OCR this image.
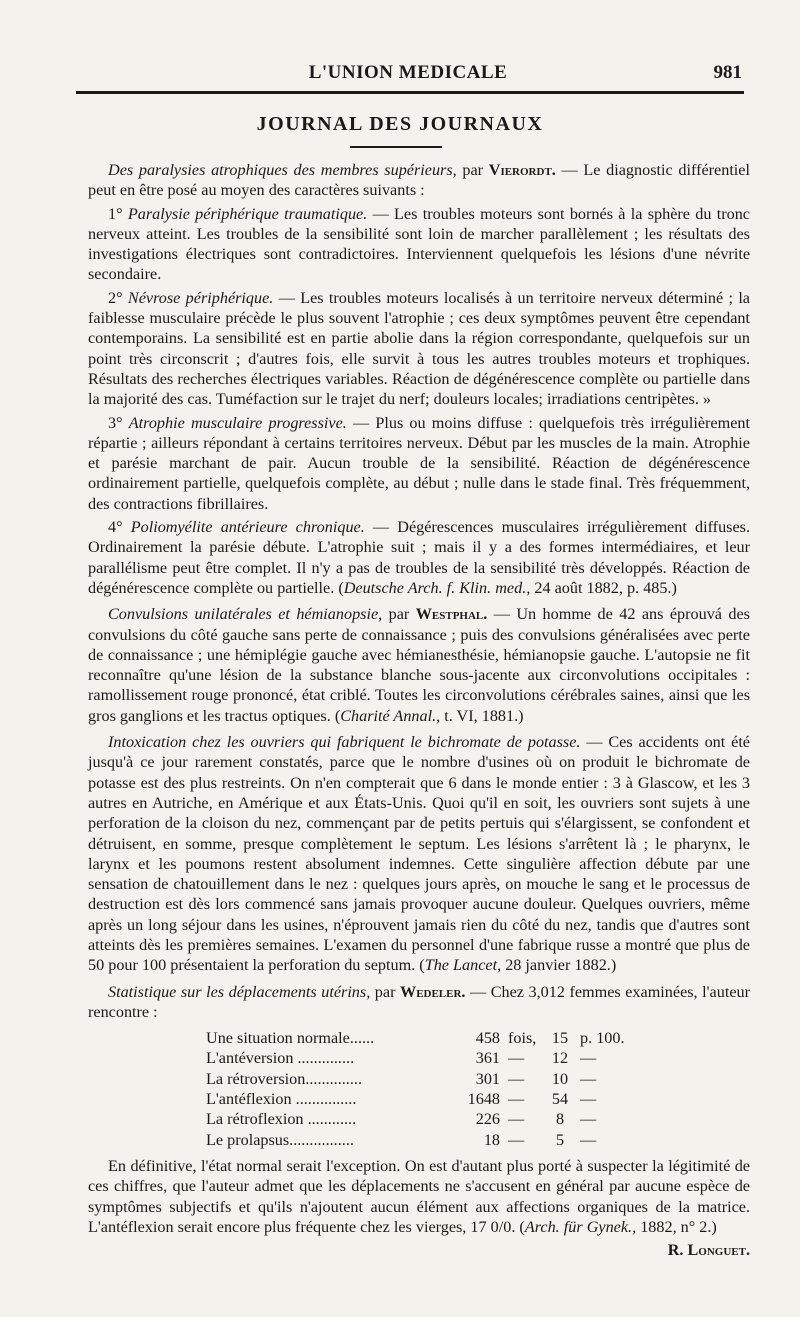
L'UNION MEDICALE	981
JOURNAL DES JOURNAUX

Des paralysies atrophiques des membres supérieurs, par Vierordt. — Le diagnostic différentiel peut en être posé au moyen des caractères suivants :

1° Paralysie périphérique traumatique. — Les troubles moteurs sont bornés à la sphère du tronc nerveux atteint. Les troubles de la sensibilité sont loin de marcher parallèlement ; les résultats des investigations électriques sont contradictoires. Interviennent quelquefois les lésions d'une névrite secondaire.

2° Névrose périphérique. — Les troubles moteurs localisés à un territoire nerveux déterminé ; la faiblesse musculaire précède le plus souvent l'atrophie ; ces deux symptômes peuvent être cependant contemporains. La sensibilité est en partie abolie dans la région correspondante, quelquefois sur un point très circonscrit ; d'autres fois, elle survit à tous les autres troubles moteurs et trophiques. Résultats des recherches électriques variables. Réaction de dégénérescence complète ou partielle dans la majorité des cas. Tuméfaction sur le trajet du nerf; douleurs locales; irradiations centripètes. »

3° Atrophie musculaire progressive. — Plus ou moins diffuse : quelquefois très irrégulièrement répartie ; ailleurs répondant à certains territoires nerveux. Début par les muscles de la main. Atrophie et parésie marchant de pair. Aucun trouble de la sensibilité. Réaction de dégénérescence ordinairement partielle, quelquefois complète, au début ; nulle dans le stade final. Très fréquemment, des contractions fibrillaires.

4° Poliomyélite antérieure chronique. — Dégérescences musculaires irrégulièrement diffuses. Ordinairement la parésie débute. L'atrophie suit ; mais il y a des formes intermédiaires, et leur parallélisme peut être complet. Il n'y a pas de troubles de la sensibilité très développés. Réaction de dégénérescence complète ou partielle. (Deutsche Arch. f. Klin. med., 24 août 1882, p. 485.)

Convulsions unilatérales et hémianopsie, par Westphal. — Un homme de 42 ans éprouvá des convulsions du côté gauche sans perte de connaissance ; puis des convulsions généralisées avec perte de connaissance ; une hémiplégie gauche avec hémianesthésie, hémianopsie gauche. L'autopsie ne fit reconnaître qu'une lésion de la substance blanche sous-jacente aux circonvolutions occipitales : ramollissement rouge prononcé, état criblé. Toutes les circonvolutions cérébrales saines, ainsi que les gros ganglions et les tractus optiques. (Charité Annal., t. VI, 1881.)

Intoxication chez les ouvriers qui fabriquent le bichromate de potasse. — Ces accidents ont été jusqu'à ce jour rarement constatés, parce que le nombre d'usines où on produit le bichromate de potasse est des plus restreints. On n'en compterait que 6 dans le monde entier : 3 à Glascow, et les 3 autres en Autriche, en Amérique et aux États-Unis. Quoi qu'il en soit, les ouvriers sont sujets à une perforation de la cloison du nez, commençant par de petits pertuis qui s'élargissent, se confondent et détruisent, en somme, presque complètement le septum. Les lésions s'arrêtent là ; le pharynx, le larynx et les poumons restent absolument indemnes. Cette singulière affection débute par une sensation de chatouillement dans le nez : quelques jours après, on mouche le sang et le processus de destruction est dès lors commencé sans jamais provoquer aucune douleur. Quelques ouvriers, même après un long séjour dans les usines, n'éprouvent jamais rien du côté du nez, tandis que d'autres sont atteints dès les premières semaines. L'examen du personnel d'une fabrique russe a montré que plus de 50 pour 100 présentaient la perforation du septum. (The Lancet, 28 janvier 1882.)

Statistique sur les déplacements utérins, par Wedeler. — Chez 3,012 femmes examinées, l'auteur rencontre :

Une situation normale......	458	fois,	15	p. 100.
L'antéversion ..............	361	—	12	—
La rétroversion..............	301	—	10	—
L'antéflexion ...............	1648	—	54	—
La rétroflexion ............	226	—	8	—
Le prolapsus................	18	—	5	—

En définitive, l'état normal serait l'exception. On est d'autant plus porté à suspecter la légitimité de ces chiffres, que l'auteur admet que les déplacements ne s'accusent en général par aucune espèce de symptômes subjectifs et qu'ils n'ajoutent aucun élément aux affections organiques de la matrice. L'antéflexion serait encore plus fréquente chez les vierges, 17 0/0. (Arch. für Gynek., 1882, n° 2.)

R. Longuet.
